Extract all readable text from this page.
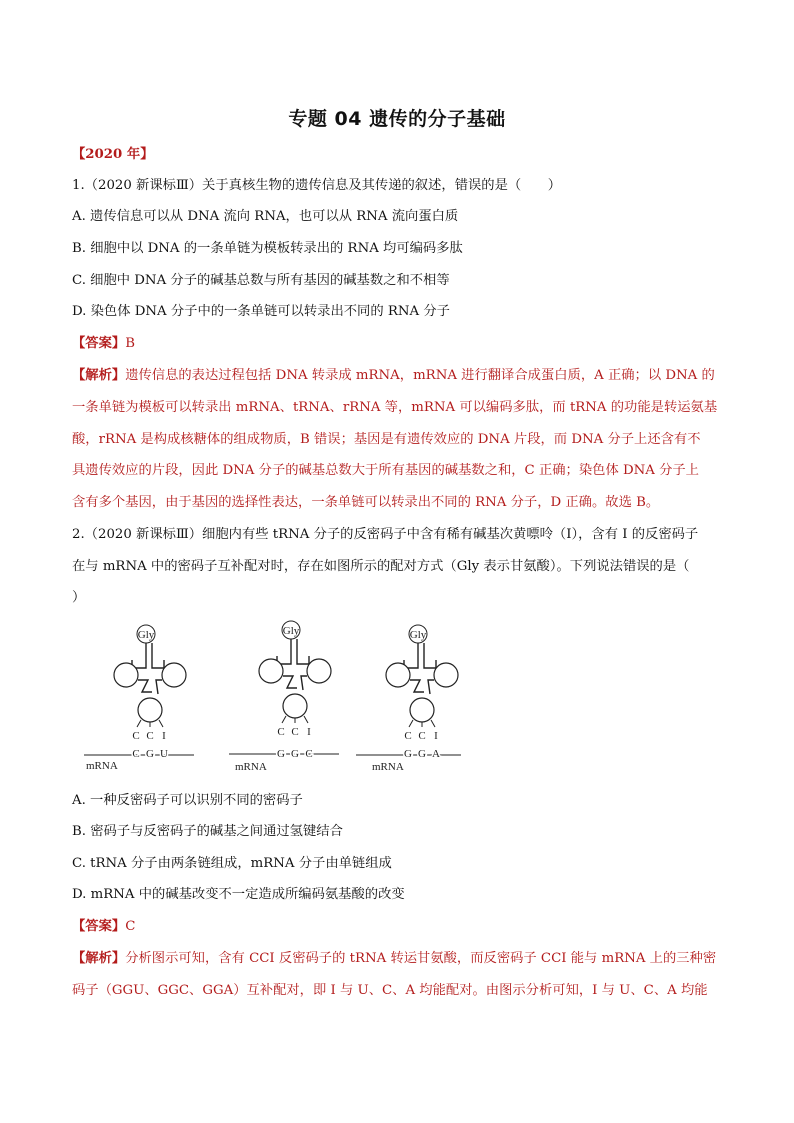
专题 04 遗传的分子基础
【2020 年】
1.（2020 新课标Ⅲ）关于真核生物的遗传信息及其传递的叙述，错误的是（　　）
A. 遗传信息可以从 DNA 流向 RNA，也可以从 RNA 流向蛋白质
B. 细胞中以 DNA 的一条单链为模板转录出的 RNA 均可编码多肽
C. 细胞中 DNA 分子的碱基总数与所有基因的碱基数之和不相等
D. 染色体 DNA 分子中的一条单链可以转录出不同的 RNA 分子
【答案】B
【解析】遗传信息的表达过程包括 DNA 转录成 mRNA，mRNA 进行翻译合成蛋白质，A 正确；以 DNA 的
一条单链为模板可以转录出 mRNA、tRNA、rRNA 等，mRNA 可以编码多肽，而 tRNA 的功能是转运氨基
酸，rRNA 是构成核糖体的组成物质，B 错误；基因是有遗传效应的 DNA 片段，而 DNA 分子上还含有不
具遗传效应的片段，因此 DNA 分子的碱基总数大于所有基因的碱基数之和，C 正确；染色体 DNA 分子上
含有多个基因，由于基因的选择性表达，一条单链可以转录出不同的 RNA 分子，D 正确。故选 B。
2.（2020 新课标Ⅲ）细胞内有些 tRNA 分子的反密码子中含有稀有碱基次黄嘌呤（I），含有 I 的反密码子
在与 mRNA 中的密码子互补配对时，存在如图所示的配对方式（Gly 表示甘氨酸）。下列说法错误的是（
）
Gly
C C I
C G U
mRNA
Gly
C C I
G G C
mRNA
Gly
C C I
G G A
mRNA
A. 一种反密码子可以识别不同的密码子
B. 密码子与反密码子的碱基之间通过氢键结合
C. tRNA 分子由两条链组成，mRNA 分子由单链组成
D. mRNA 中的碱基改变不一定造成所编码氨基酸的改变
【答案】C
【解析】分析图示可知，含有 CCI 反密码子的 tRNA 转运甘氨酸，而反密码子 CCI 能与 mRNA 上的三种密
码子（GGU、GGC、GGA）互补配对，即 I 与 U、C、A 均能配对。由图示分析可知，I 与 U、C、A 均能
